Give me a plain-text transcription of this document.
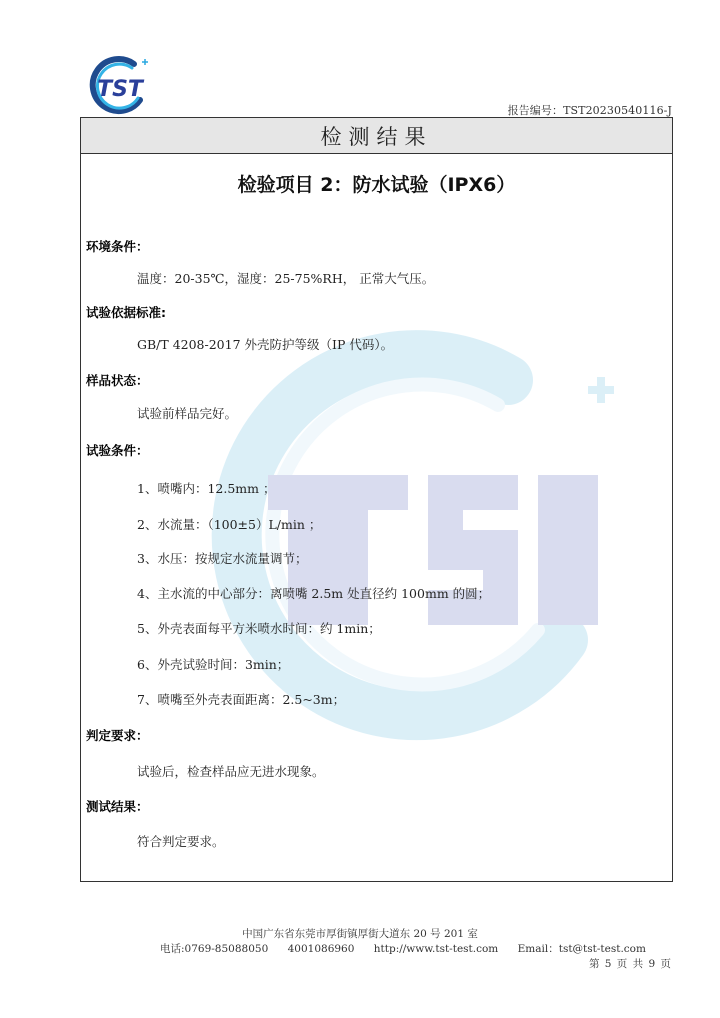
TST
报告编号：TST20230540116-J
检测结果
检验项目 2：防水试验（IPX6）
环境条件：
温度：20-35℃，湿度：25-75%RH， 正常大气压。
试验依据标准:
GB/T 4208-2017 外壳防护等级（IP 代码）。
样品状态：
试验前样品完好。
试验条件：
1、喷嘴内：12.5mm ；
2、水流量：（100±5）L/min ；
3、水压：按规定水流量调节；
4、主水流的中心部分：离喷嘴 2.5m 处直径约 100mm 的圆；
5、外壳表面每平方米喷水时间：约 1min；
6、外壳试验时间：3min；
7、喷嘴至外壳表面距离：2.5~3m；
判定要求：
试验后，检查样品应无进水现象。
测试结果：
符合判定要求。
中国广东省东莞市厚街镇厚街大道东 20 号 201 室
电话:0769-85088050 4001086960 http://www.tst-test.com Email：tst@tst-test.com
第 5 页 共 9 页
